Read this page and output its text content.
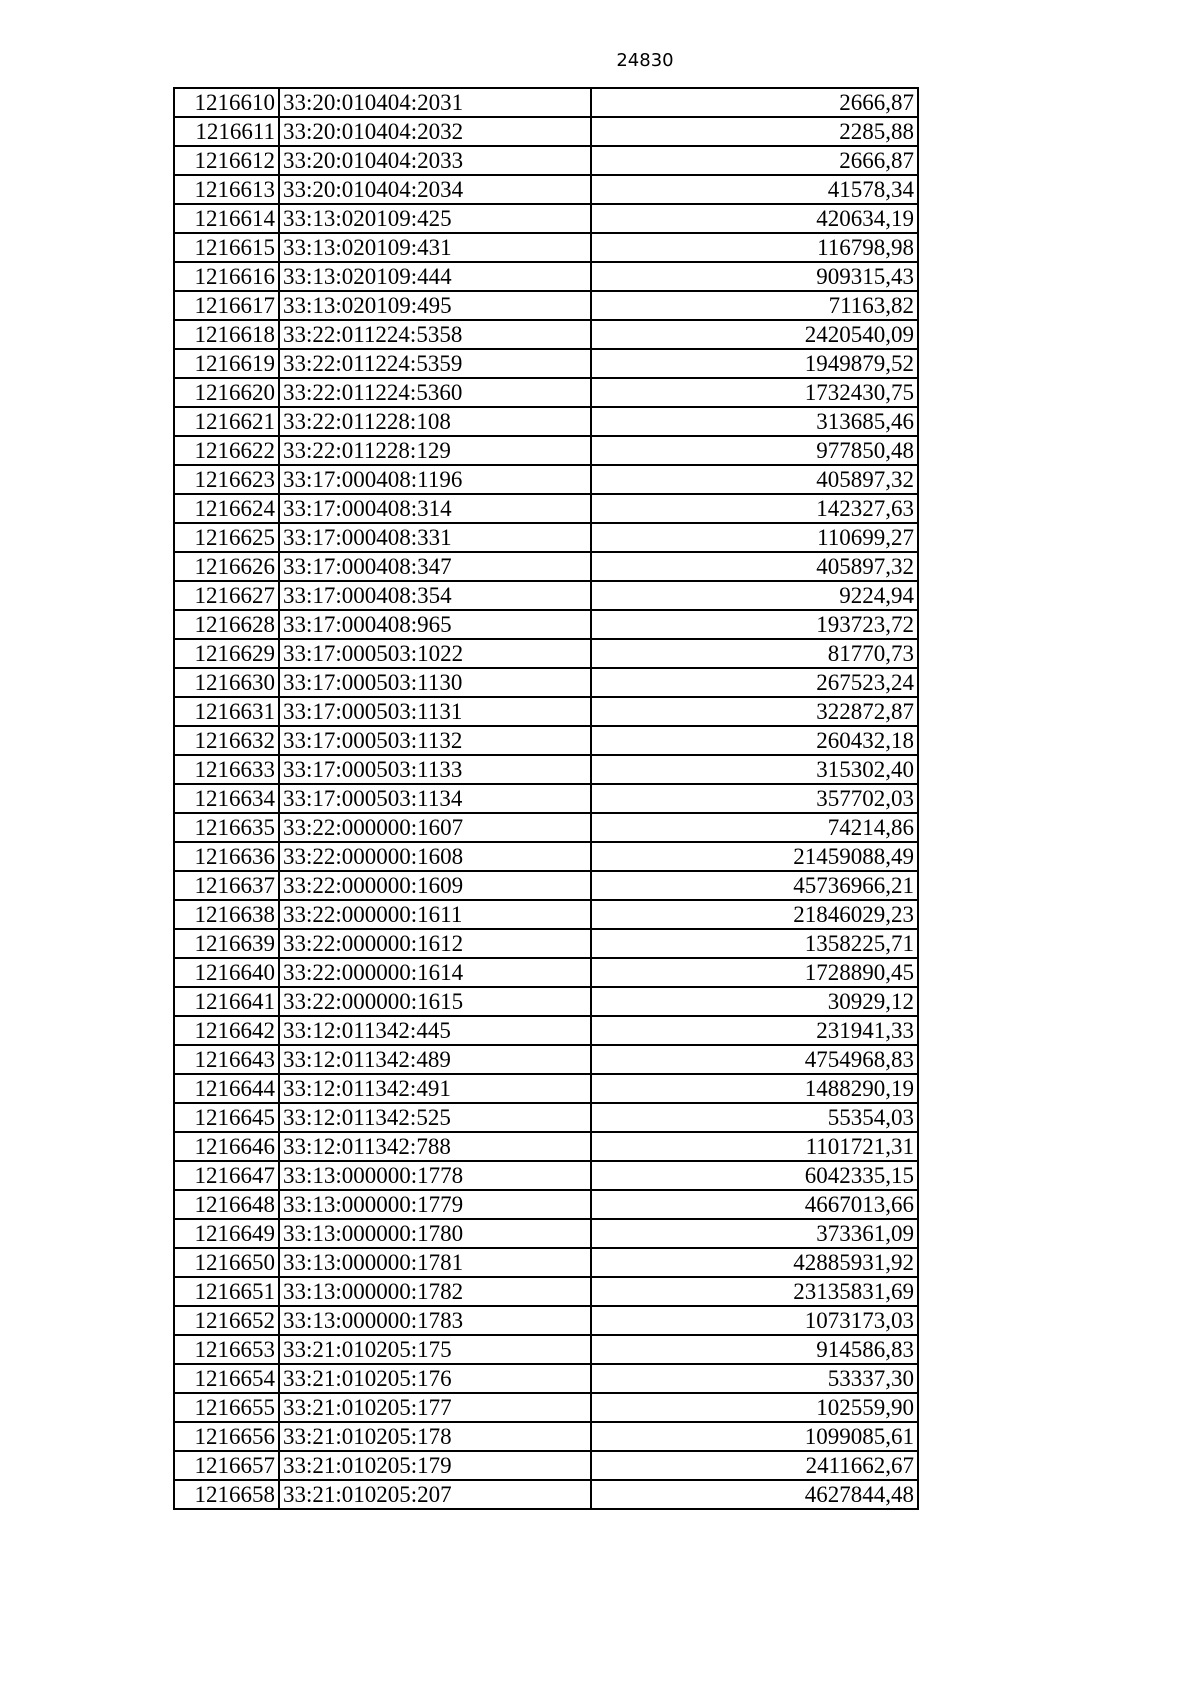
24830
1216610	33:20:010404:2031	2666,87
1216611	33:20:010404:2032	2285,88
1216612	33:20:010404:2033	2666,87
1216613	33:20:010404:2034	41578,34
1216614	33:13:020109:425	420634,19
1216615	33:13:020109:431	116798,98
1216616	33:13:020109:444	909315,43
1216617	33:13:020109:495	71163,82
1216618	33:22:011224:5358	2420540,09
1216619	33:22:011224:5359	1949879,52
1216620	33:22:011224:5360	1732430,75
1216621	33:22:011228:108	313685,46
1216622	33:22:011228:129	977850,48
1216623	33:17:000408:1196	405897,32
1216624	33:17:000408:314	142327,63
1216625	33:17:000408:331	110699,27
1216626	33:17:000408:347	405897,32
1216627	33:17:000408:354	9224,94
1216628	33:17:000408:965	193723,72
1216629	33:17:000503:1022	81770,73
1216630	33:17:000503:1130	267523,24
1216631	33:17:000503:1131	322872,87
1216632	33:17:000503:1132	260432,18
1216633	33:17:000503:1133	315302,40
1216634	33:17:000503:1134	357702,03
1216635	33:22:000000:1607	74214,86
1216636	33:22:000000:1608	21459088,49
1216637	33:22:000000:1609	45736966,21
1216638	33:22:000000:1611	21846029,23
1216639	33:22:000000:1612	1358225,71
1216640	33:22:000000:1614	1728890,45
1216641	33:22:000000:1615	30929,12
1216642	33:12:011342:445	231941,33
1216643	33:12:011342:489	4754968,83
1216644	33:12:011342:491	1488290,19
1216645	33:12:011342:525	55354,03
1216646	33:12:011342:788	1101721,31
1216647	33:13:000000:1778	6042335,15
1216648	33:13:000000:1779	4667013,66
1216649	33:13:000000:1780	373361,09
1216650	33:13:000000:1781	42885931,92
1216651	33:13:000000:1782	23135831,69
1216652	33:13:000000:1783	1073173,03
1216653	33:21:010205:175	914586,83
1216654	33:21:010205:176	53337,30
1216655	33:21:010205:177	102559,90
1216656	33:21:010205:178	1099085,61
1216657	33:21:010205:179	2411662,67
1216658	33:21:010205:207	4627844,48
